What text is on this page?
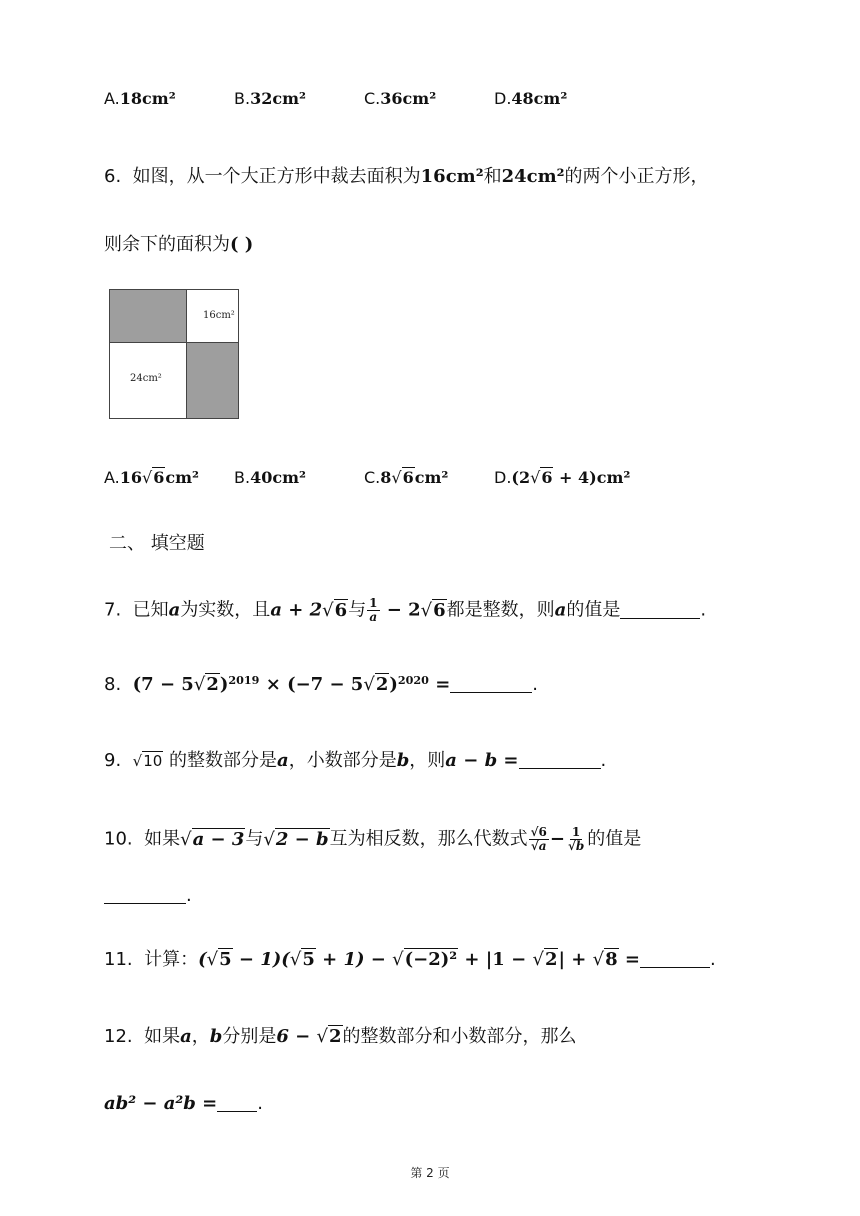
A.18cm²	B.32cm²	C.36cm²	D.48cm²
6. 如图，从一个大正方形中裁去面积为16cm²和24cm²的两个小正方形，
则余下的面积为( )
16cm²
24cm²
A.16√6cm² B.40cm²	C.8√6cm²	D.(2√6 + 4)cm²
二、 填空题
7. 已知a为实数，且a + 2√6与 $\frac{1}{a} - 2√6$都是整数，则a的值是	.
8. $(7 - 5√2)^{2019} \times (-7 - 5√2)^{2020}$ =	.
9. √10 的整数部分是a，小数部分是b，则a − b =	.
10. 如果√a − 3与√2 − b互为相反数，那么代数式 $\frac{√6}{√a} - \frac{1}{√b}$ 的值是
.
11. 计算：(√5 − 1)(√5 + 1) − √(−2)² + |1 − √2| + √8 =	.
12. 如果a，b分别是6 − √2的整数部分和小数部分，那么
ab² − a²b = .
第 2 页
